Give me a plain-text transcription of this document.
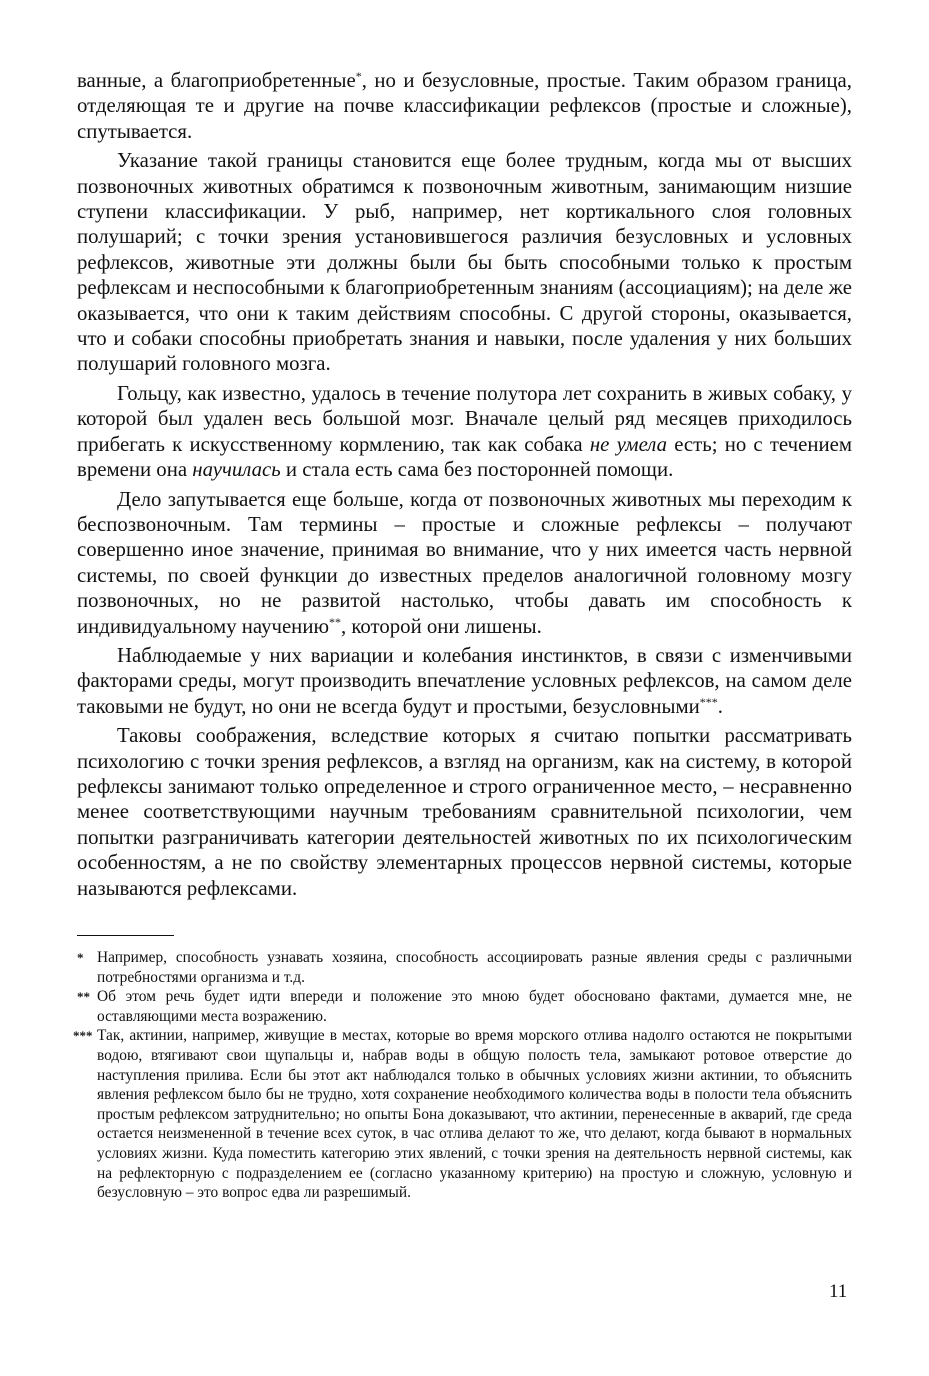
ванные, а благоприобретенные*, но и безусловные, простые. Таким образом граница, отделяющая те и другие на почве классификации рефлексов (простые и сложные), спутывается.

Указание такой границы становится еще более трудным, когда мы от высших позвоночных животных обратимся к позвоночным животным, занимающим низшие ступени классификации. У рыб, например, нет кортикального слоя головных полушарий; с точки зрения установившегося различия безусловных и условных рефлексов, животные эти должны были бы быть способными только к простым рефлексам и неспособными к благоприобретенным знаниям (ассоциациям); на деле же оказывается, что они к таким действиям способны. С другой стороны, оказывается, что и собаки способны приобретать знания и навыки, после удаления у них больших полушарий головного мозга.

Гольцу, как известно, удалось в течение полутора лет сохранить в живых собаку, у которой был удален весь большой мозг. Вначале целый ряд месяцев приходилось прибегать к искусственному кормлению, так как собака не умела есть; но с течением времени она научилась и стала есть сама без посторонней помощи.

Дело запутывается еще больше, когда от позвоночных животных мы переходим к беспозвоночным. Там термины – простые и сложные рефлексы – получают совершенно иное значение, принимая во внимание, что у них имеется часть нервной системы, по своей функции до известных пределов аналогичной головному мозгу позвоночных, но не развитой настолько, чтобы давать им способность к индивидуальному научению**, которой они лишены.

Наблюдаемые у них вариации и колебания инстинктов, в связи с изменчивыми факторами среды, могут производить впечатление условных рефлексов, на самом деле таковыми не будут, но они не всегда будут и простыми, безусловными***.

Таковы соображения, вследствие которых я считаю попытки рассматривать психологию с точки зрения рефлексов, а взгляд на организм, как на систему, в которой рефлексы занимают только определенное и строго ограниченное место, – несравненно менее соответствующими научным требованиям сравнительной психологии, чем попытки разграничивать категории деятельностей животных по их психологическим особенностям, а не по свойству элементарных процессов нервной системы, которые называются рефлексами.

* Например, способность узнавать хозяина, способность ассоциировать разные явления среды с различными потребностями организма и т.д.
** Об этом речь будет идти впереди и положение это мною будет обосновано фактами, думается мне, не оставляющими места возражению.
*** Так, актинии, например, живущие в местах, которые во время морского отлива надолго остаются не покрытыми водою, втягивают свои щупальцы и, набрав воды в общую полость тела, замыкают ротовое отверстие до наступления прилива. Если бы этот акт наблюдался только в обычных условиях жизни актинии, то объяснить явления рефлексом было бы не трудно, хотя сохранение необходимого количества воды в полости тела объяснить простым рефлексом затруднительно; но опыты Бона доказывают, что актинии, перенесенные в акварий, где среда остается неизмененной в течение всех суток, в час отлива делают то же, что делают, когда бывают в нормальных условиях жизни. Куда поместить категорию этих явлений, с точки зрения на деятельность нервной системы, как на рефлекторную с подразделением ее (согласно указанному критерию) на простую и сложную, условную и безусловную – это вопрос едва ли разрешимый.
11
